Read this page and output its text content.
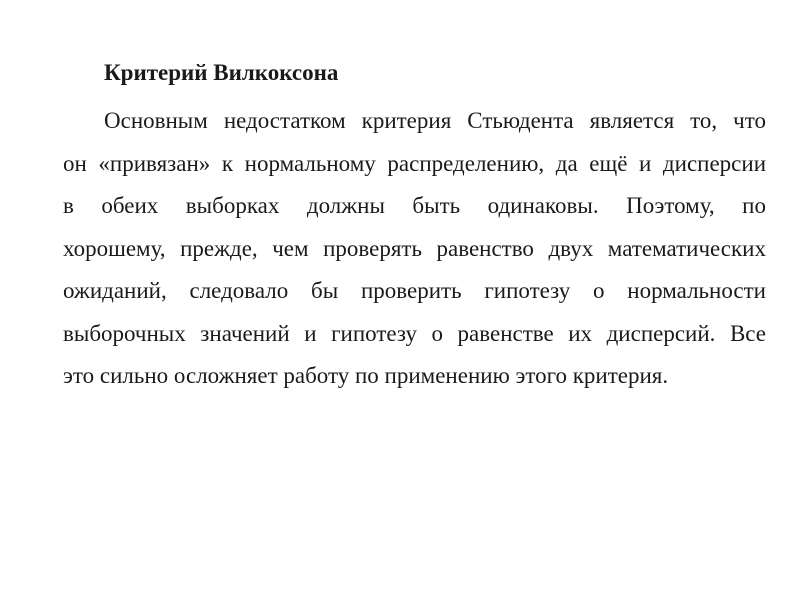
Критерий Вилкоксона
Основным недостатком критерия Стьюдента является то, что
он «привязан» к нормальному распределению, да ещё и дисперсии
в обеих выборках должны быть одинаковы. Поэтому, по
хорошему, прежде, чем проверять равенство двух математических
ожиданий, следовало бы проверить гипотезу о нормальности
выборочных значений и гипотезу о равенстве их дисперсий. Все
это сильно осложняет работу по применению этого критерия.
